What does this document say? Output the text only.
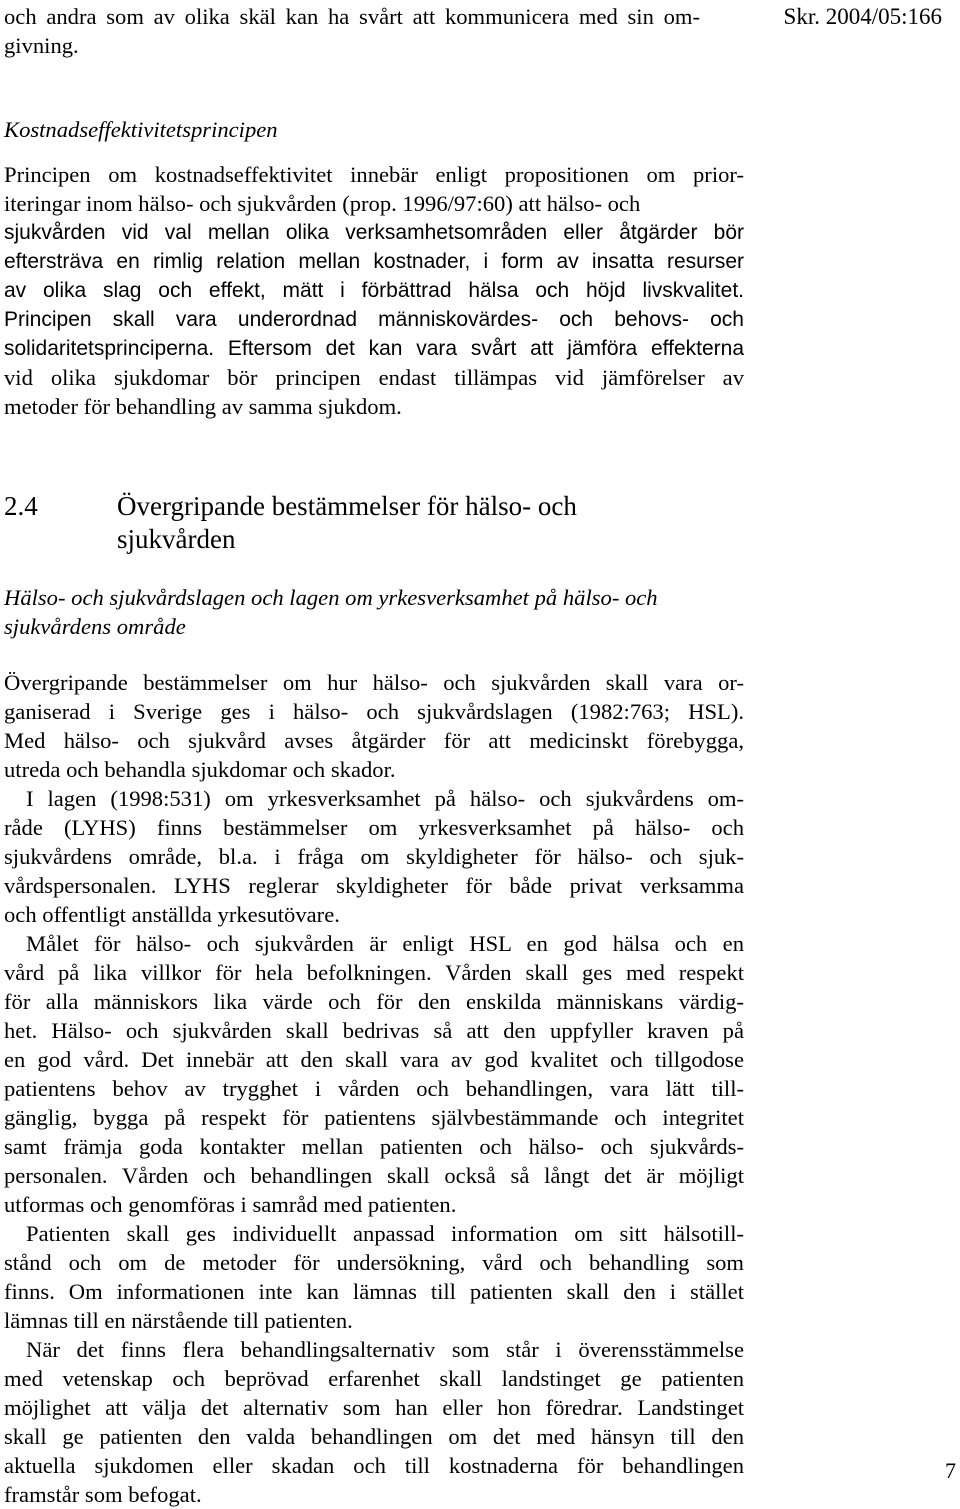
Skr. 2004/05:166
och andra som av olika skäl kan ha svårt att kommunicera med sin om-
givning.
Kostnadseffektivitetsprincipen
Principen om kostnadseffektivitet innebär enligt propositionen om prior-
iteringar inom hälso- och sjukvården (prop. 1996/97:60) att hälso- och
sjukvården vid val mellan olika verksamhetsområden eller åtgärder bör
eftersträva en rimlig relation mellan kostnader, i form av insatta resurser
av olika slag och effekt, mätt i förbättrad hälsa och höjd livskvalitet.
Principen skall vara underordnad människovärdes- och behovs- och
solidaritetsprinciperna. Eftersom det kan vara svårt att jämföra effekterna
vid olika sjukdomar bör principen endast tillämpas vid jämförelser av
metoder för behandling av samma sjukdom.
2.4	Övergripande bestämmelser för hälso- och
sjukvården
Hälso- och sjukvårdslagen och lagen om yrkesverksamhet på hälso- och
sjukvårdens område
Övergripande bestämmelser om hur hälso- och sjukvården skall vara or-
ganiserad i Sverige ges i hälso- och sjukvårdslagen (1982:763; HSL).
Med hälso- och sjukvård avses åtgärder för att medicinskt förebygga,
utreda och behandla sjukdomar och skador.
I lagen (1998:531) om yrkesverksamhet på hälso- och sjukvårdens om-
råde (LYHS) finns bestämmelser om yrkesverksamhet på hälso- och
sjukvårdens område, bl.a. i fråga om skyldigheter för hälso- och sjuk-
vårdspersonalen. LYHS reglerar skyldigheter för både privat verksamma
och offentligt anställda yrkesutövare.
Målet för hälso- och sjukvården är enligt HSL en god hälsa och en
vård på lika villkor för hela befolkningen. Vården skall ges med respekt
för alla människors lika värde och för den enskilda människans värdig-
het. Hälso- och sjukvården skall bedrivas så att den uppfyller kraven på
en god vård. Det innebär att den skall vara av god kvalitet och tillgodose
patientens behov av trygghet i vården och behandlingen, vara lätt till-
gänglig, bygga på respekt för patientens självbestämmande och integritet
samt främja goda kontakter mellan patienten och hälso- och sjukvårds-
personalen. Vården och behandlingen skall också så långt det är möjligt
utformas och genomföras i samråd med patienten.
Patienten skall ges individuellt anpassad information om sitt hälsotill-
stånd och om de metoder för undersökning, vård och behandling som
finns. Om informationen inte kan lämnas till patienten skall den i stället
lämnas till en närstående till patienten.
När det finns flera behandlingsalternativ som står i överensstämmelse
med vetenskap och beprövad erfarenhet skall landstinget ge patienten
möjlighet att välja det alternativ som han eller hon föredrar. Landstinget
skall ge patienten den valda behandlingen om det med hänsyn till den
aktuella sjukdomen eller skadan och till kostnaderna för behandlingen
framstår som befogat.
7
